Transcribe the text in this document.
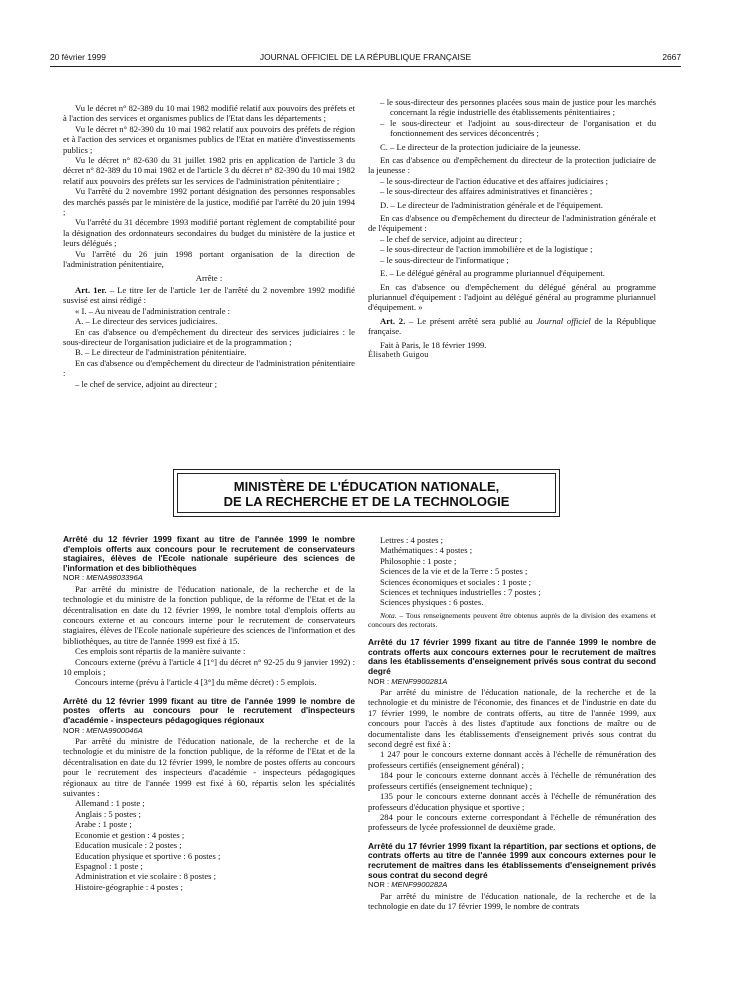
20 février 1999	JOURNAL OFFICIEL DE LA RÉPUBLIQUE FRANÇAISE	2667

Vu le décret n° 82-389 du 10 mai 1982 modifié relatif aux pouvoirs des préfets et à l'action des services et organismes publics de l'Etat dans les départements ;

Vu le décret n° 82-390 du 10 mai 1982 relatif aux pouvoirs des préfets de région et à l'action des services et organismes publics de l'Etat en matière d'investissements publics ;

Vu le décret n° 82-630 du 31 juillet 1982 pris en application de l'article 3 du décret n° 82-389 du 10 mai 1982 et de l'article 3 du décret n° 82-390 du 10 mai 1982 relatif aux pouvoirs des préfets sur les services de l'administration pénitentiaire ;

Vu l'arrêté du 2 novembre 1992 portant désignation des personnes responsables des marchés passés par le ministère de la justice, modifié par l'arrêté du 20 juin 1994 ;

Vu l'arrêté du 31 décembre 1993 modifié portant règlement de comptabilité pour la désignation des ordonnateurs secondaires du budget du ministère de la justice et leurs délégués ;

Vu l'arrêté du 26 juin 1998 portant organisation de la direction de l'administration pénitentiaire,

Arrête :

Art. 1er. – Le titre Ier de l'article 1er de l'arrêté du 2 novembre 1992 modifié susvisé est ainsi rédigé :

« I. – Au niveau de l'administration centrale :

A. – Le directeur des services judiciaires.

En cas d'absence ou d'empêchement du directeur des services judiciaires : le sous-directeur de l'organisation judiciaire et de la programmation ;

B. – Le directeur de l'administration pénitentiaire.

En cas d'absence ou d'empêchement du directeur de l'administration pénitentiaire :

– le chef de service, adjoint au directeur ;

– le sous-directeur des personnes placées sous main de justice pour les marchés concernant la régie industrielle des établissements pénitentiaires ;

– le sous-directeur et l'adjoint au sous-directeur de l'organisation et du fonctionnement des services déconcentrés ;

C. – Le directeur de la protection judiciaire de la jeunesse.

En cas d'absence ou d'empêchement du directeur de la protection judiciaire de la jeunesse :

– le sous-directeur de l'action éducative et des affaires judiciaires ;

– le sous-directeur des affaires administratives et financières ;

D. – Le directeur de l'administration générale et de l'équipement.

En cas d'absence ou d'empêchement du directeur de l'administration générale et de l'équipement :

– le chef de service, adjoint au directeur ;

– le sous-directeur de l'action immobilière et de la logistique ;

– le sous-directeur de l'informatique ;

E. – Le délégué général au programme pluriannuel d'équipement.

En cas d'absence ou d'empêchement du délégué général au programme pluriannuel d'équipement : l'adjoint au délégué général au programme pluriannuel d'équipement. »

Art. 2. – Le présent arrêté sera publié au Journal officiel de la République française.

Fait à Paris, le 18 février 1999.

Élisabeth Guigou

MINISTÈRE DE L'ÉDUCATION NATIONALE,
DE LA RECHERCHE ET DE LA TECHNOLOGIE

Arrêté du 12 février 1999 fixant au titre de l'année 1999 le nombre d'emplois offerts aux concours pour le recrutement de conservateurs stagiaires, élèves de l'Ecole nationale supérieure des sciences de l'information et des bibliothèques

NOR : MENA9803396A

Par arrêté du ministre de l'éducation nationale, de la recherche et de la technologie et du ministre de la fonction publique, de la réforme de l'Etat et de la décentralisation en date du 12 février 1999, le nombre total d'emplois offerts au concours externe et au concours interne pour le recrutement de conservateurs stagiaires, élèves de l'Ecole nationale supérieure des sciences de l'information et des bibliothèques, au titre de l'année 1999 est fixé à 15.

Ces emplois sont répartis de la manière suivante :

Concours externe (prévu à l'article 4 [1°] du décret n° 92-25 du 9 janvier 1992) : 10 emplois ;

Concours interne (prévu à l'article 4 [3°] du même décret) : 5 emplois.

Arrêté du 12 février 1999 fixant au titre de l'année 1999 le nombre de postes offerts au concours pour le recrutement d'inspecteurs d'académie - inspecteurs pédagogiques régionaux

NOR : MENA9900046A

Par arrêté du ministre de l'éducation nationale, de la recherche et de la technologie et du ministre de la fonction publique, de la réforme de l'Etat et de la décentralisation en date du 12 février 1999, le nombre de postes offerts au concours pour le recrutement des inspecteurs d'académie - inspecteurs pédagogiques régionaux au titre de l'année 1999 est fixé à 60, répartis selon les spécialités suivantes :

Allemand : 1 poste ;

Anglais : 5 postes ;

Arabe : 1 poste ;

Economie et gestion : 4 postes ;

Education musicale : 2 postes ;

Education physique et sportive : 6 postes ;

Espagnol : 1 poste ;

Administration et vie scolaire : 8 postes ;

Histoire-géographie : 4 postes ;

Lettres : 4 postes ;

Mathématiques : 4 postes ;

Philosophie : 1 poste ;

Sciences de la vie et de la Terre : 5 postes ;

Sciences économiques et sociales : 1 poste ;

Sciences et techniques industrielles : 7 postes ;

Sciences physiques : 6 postes.

Nota. – Tous renseignements peuvent être obtenus auprès de la division des examens et concours des rectorats.

Arrêté du 17 février 1999 fixant au titre de l'année 1999 le nombre de contrats offerts aux concours externes pour le recrutement de maîtres dans les établissements d'enseignement privés sous contrat du second degré

NOR : MENF9900281A

Par arrêté du ministre de l'éducation nationale, de la recherche et de la technologie et du ministre de l'économie, des finances et de l'industrie en date du 17 février 1999, le nombre de contrats offerts, au titre de l'année 1999, aux concours pour l'accès à des listes d'aptitude aux fonctions de maître ou de documentaliste dans les établissements d'enseignement privés sous contrat du second degré est fixé à :

1 247 pour le concours externe donnant accès à l'échelle de rémunération des professeurs certifiés (enseignement général) ;

184 pour le concours externe donnant accès à l'échelle de rémunération des professeurs certifiés (enseignement technique) ;

135 pour le concours externe donnant accès à l'échelle de rémunération des professeurs d'éducation physique et sportive ;

284 pour le concours externe correspondant à l'échelle de rémunération des professeurs de lycée professionnel de deuxième grade.

Arrêté du 17 février 1999 fixant la répartition, par sections et options, de contrats offerts au titre de l'année 1999 aux concours externes pour le recrutement de maîtres dans les établissements d'enseignement privés sous contrat du second degré

NOR : MENF9900282A

Par arrêté du ministre de l'éducation nationale, de la recherche et de la technologie en date du 17 février 1999, le nombre de contrats
